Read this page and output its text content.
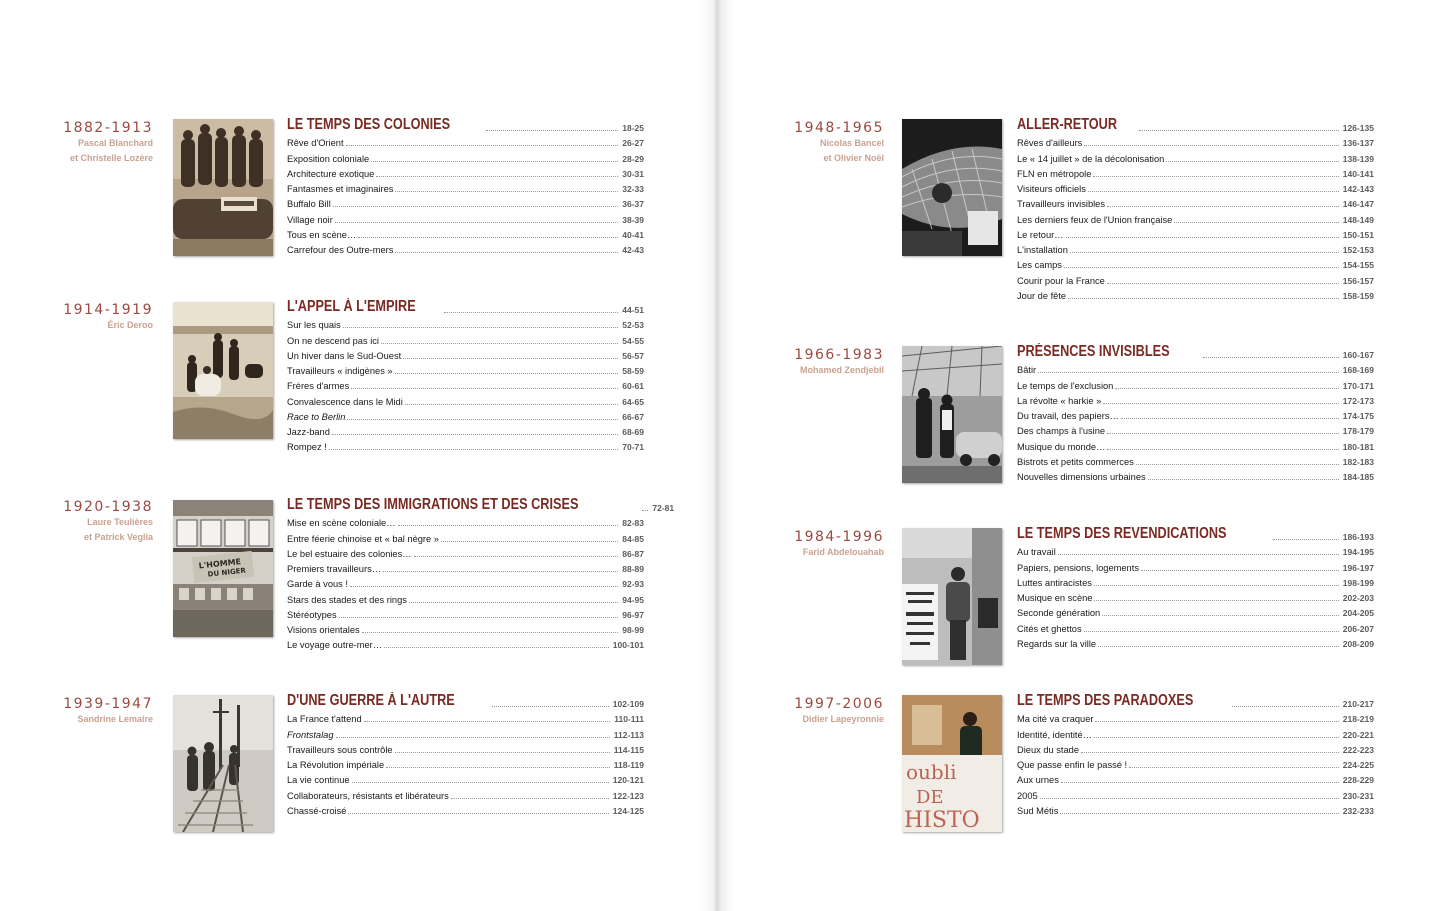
1882-1913
Pascal Blanchard
et Christelle Lozère
LE TEMPS DES COLONIES	18-25
Rêve d'Orient	26-27
Exposition coloniale	28-29
Architecture exotique	30-31
Fantasmes et imaginaires	32-33
Buffalo Bill	36-37
Village noir	38-39
Tous en scène…	40-41
Carrefour des Outre-mers	42-43
1914-1919
Éric Deroo
L'APPEL À L'EMPIRE	44-51
Sur les quais	52-53
On ne descend pas ici	54-55
Un hiver dans le Sud-Ouest	56-57
Travailleurs « indigènes »	58-59
Frères d'armes	60-61
Convalescence dans le Midi	64-65
Race to Berlin	66-67
Jazz-band	68-69
Rompez !	70-71
1920-1938
Laure Teulières
et Patrick Veglia
L'HOMME
DU NIGER
LE TEMPS DES IMMIGRATIONS ET DES CRISES	72-81
Mise en scène coloniale…	82-83
Entre féerie chinoise et « bal nègre »	84-85
Le bel estuaire des colonies…	86-87
Premiers travailleurs…	88-89
Garde à vous !	92-93
Stars des stades et des rings	94-95
Stéréotypes	96-97
Visions orientales	98-99
Le voyage outre-mer…	100-101
1939-1947
Sandrine Lemaire
D'UNE GUERRE À L'AUTRE	102-109
La France t'attend	110-111
Frontstalag	112-113
Travailleurs sous contrôle	114-115
La Révolution impériale	118-119
La vie continue	120-121
Collaborateurs, résistants et libérateurs	122-123
Chassé-croisé	124-125
1948-1965
Nicolas Bancel
et Olivier Noël
ALLER-RETOUR	126-135
Rêves d'ailleurs	136-137
Le « 14 juillet » de la décolonisation	138-139
FLN en métropole	140-141
Visiteurs officiels	142-143
Travailleurs invisibles	146-147
Les derniers feux de l'Union française	148-149
Le retour…	150-151
L'installation	152-153
Les camps	154-155
Courir pour la France	156-157
Jour de fête	158-159
1966-1983
Mohamed Zendjebil
PRÉSENCES INVISIBLES	160-167
Bâtir	168-169
Le temps de l'exclusion	170-171
La révolte « harkie »	172-173
Du travail, des papiers…	174-175
Des champs à l'usine	178-179
Musique du monde…	180-181
Bistrots et petits commerces	182-183
Nouvelles dimensions urbaines	184-185
1984-1996
Farid Abdelouahab
LE TEMPS DES REVENDICATIONS	186-193
Au travail	194-195
Papiers, pensions, logements	196-197
Luttes antiracistes	198-199
Musique en scène	202-203
Seconde génération	204-205
Cités et ghettos	206-207
Regards sur la ville	208-209
1997-2006
Didier Lapeyronnie
oubli
DE
HISTO
LE TEMPS DES PARADOXES	210-217
Ma cité va craquer	218-219
Identité, identité…	220-221
Dieux du stade	222-223
Que passe enfin le passé !	224-225
Aux urnes	228-229
2005	230-231
Sud Métis	232-233
